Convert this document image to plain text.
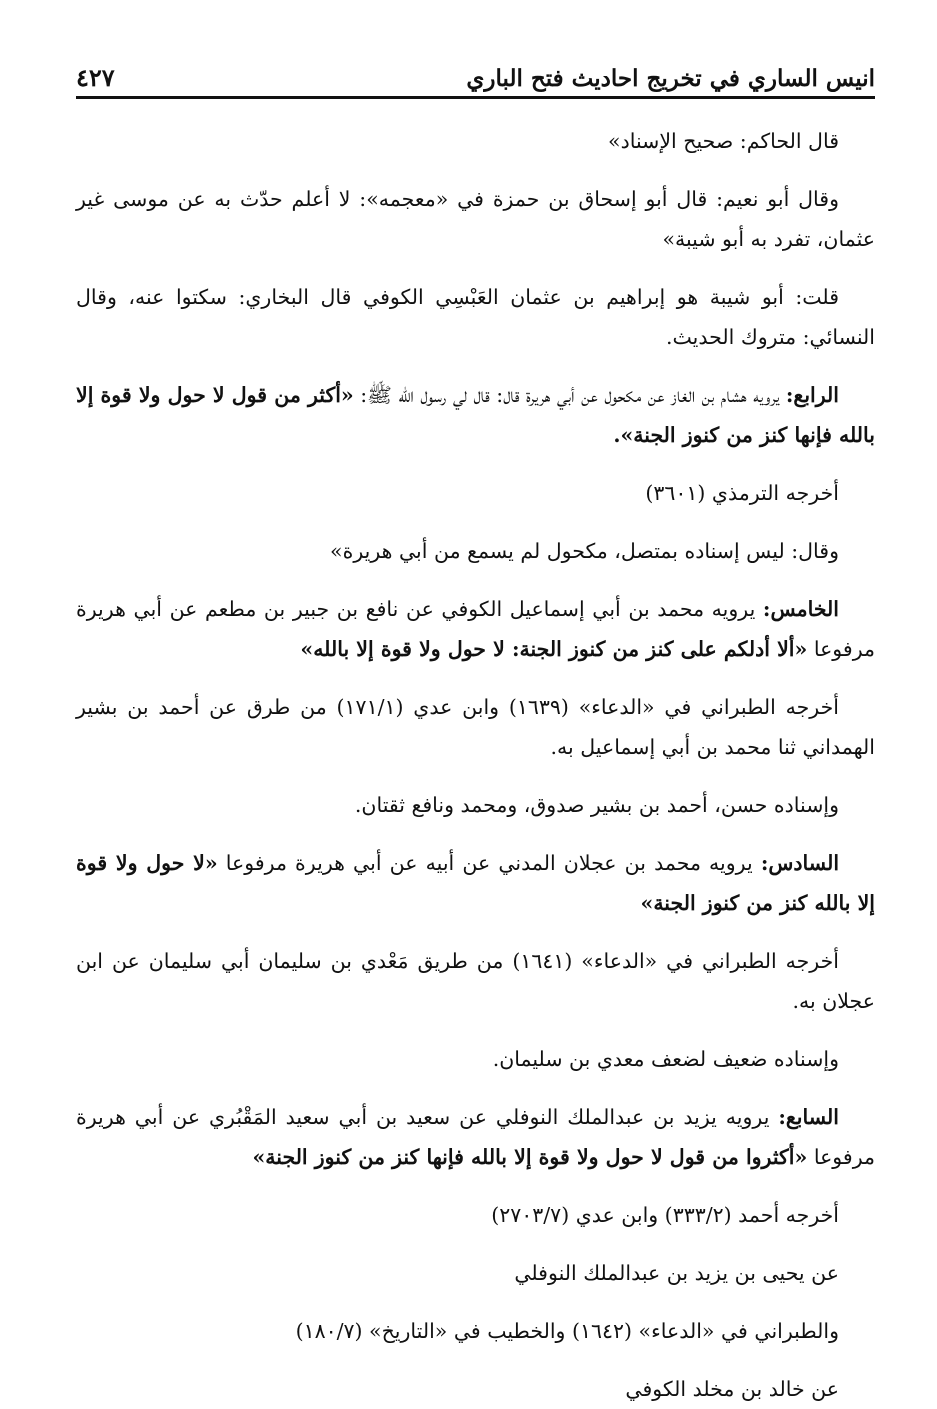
انيس الساري في تخريج احاديث فتح الباري
٤٢٧

قال الحاكم: صحيح الإسناد»

وقال أبو نعيم: قال أبو إسحاق بن حمزة في «معجمه»: لا أعلم حدّث به عن موسى غير عثمان، تفرد به أبو شيبة»

قلت: أبو شيبة هو إبراهيم بن عثمان العَبْسِي الكوفي قال البخاري: سكتوا عنه، وقال النسائي: متروك الحديث.

الرابع: يرويه هشام بن الغاز عن مكحول عن أبي هريرة قال: قال لي رسول الله ﷺ: «أكثر من قول لا حول ولا قوة إلا بالله فإنها كنز من كنوز الجنة».

أخرجه الترمذي (٣٦٠١)

وقال: ليس إسناده بمتصل، مكحول لم يسمع من أبي هريرة»

الخامس: يرويه محمد بن أبي إسماعيل الكوفي عن نافع بن جبير بن مطعم عن أبي هريرة مرفوعا «ألا أدلكم على كنز من كنوز الجنة: لا حول ولا قوة إلا بالله»

أخرجه الطبراني في «الدعاء» (١٦٣٩) وابن عدي (١٧١/١) من طرق عن أحمد بن بشير الهمداني ثنا محمد بن أبي إسماعيل به.

وإسناده حسن، أحمد بن بشير صدوق، ومحمد ونافع ثقتان.

السادس: يرويه محمد بن عجلان المدني عن أبيه عن أبي هريرة مرفوعا «لا حول ولا قوة إلا بالله كنز من كنوز الجنة»

أخرجه الطبراني في «الدعاء» (١٦٤١) من طريق مَعْدي بن سليمان أبي سليمان عن ابن عجلان به.

وإسناده ضعيف لضعف معدي بن سليمان.

السابع: يرويه يزيد بن عبدالملك النوفلي عن سعيد بن أبي سعيد المَقْبُري عن أبي هريرة مرفوعا «أكثروا من قول لا حول ولا قوة إلا بالله فإنها كنز من كنوز الجنة»

أخرجه أحمد (٣٣٣/٢) وابن عدي (٢٧٠٣/٧)

عن يحيى بن يزيد بن عبدالملك النوفلي

والطبراني في «الدعاء» (١٦٤٢) والخطيب في «التاريخ» (١٨٠/٧)

عن خالد بن مخلد الكوفي
